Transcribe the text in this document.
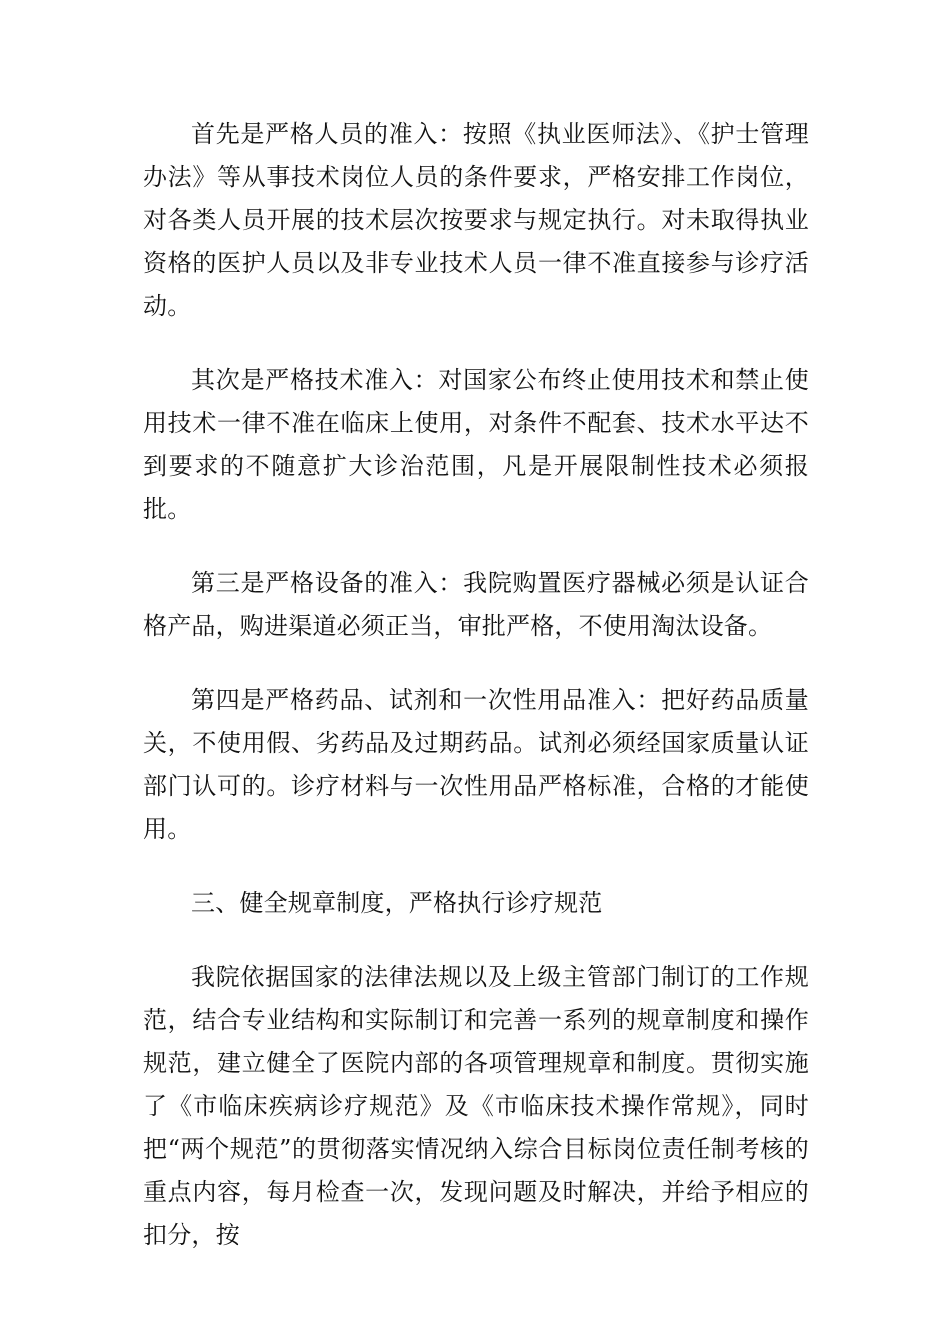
首先是严格人员的准入：按照《执业医师法》、《护士管理办法》等从事技术岗位人员的条件要求，严格安排工作岗位，对各类人员开展的技术层次按要求与规定执行。对未取得执业资格的医护人员以及非专业技术人员一律不准直接参与诊疗活动。

其次是严格技术准入：对国家公布终止使用技术和禁止使用技术一律不准在临床上使用，对条件不配套、技术水平达不到要求的不随意扩大诊治范围，凡是开展限制性技术必须报批。

第三是严格设备的准入：我院购置医疗器械必须是认证合格产品，购进渠道必须正当，审批严格，不使用淘汰设备。

第四是严格药品、试剂和一次性用品准入：把好药品质量关，不使用假、劣药品及过期药品。试剂必须经国家质量认证部门认可的。诊疗材料与一次性用品严格标准，合格的才能使用。

三、健全规章制度，严格执行诊疗规范

我院依据国家的法律法规以及上级主管部门制订的工作规范，结合专业结构和实际制订和完善一系列的规章制度和操作规范，建立健全了医院内部的各项管理规章和制度。贯彻实施了《市临床疾病诊疗规范》及《市临床技术操作常规》，同时把“两个规范”的贯彻落实情况纳入综合目标岗位责任制考核的重点内容，每月检查一次，发现问题及时解决，并给予相应的扣分，按
